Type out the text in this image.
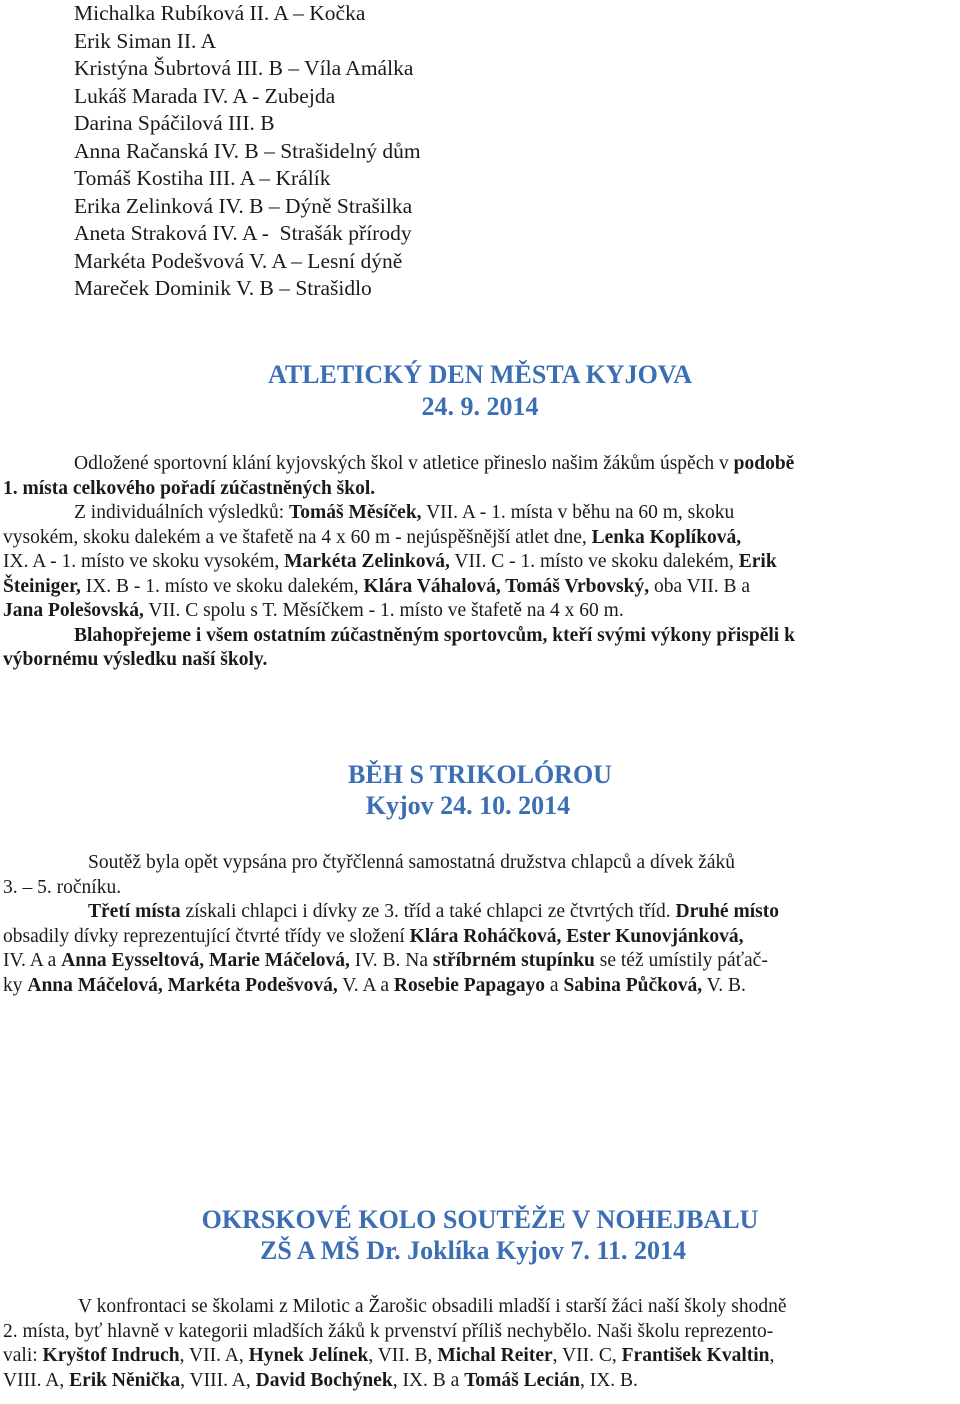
Michalka Rubíková II. A – Kočka
Erik Siman II. A
Kristýna Šubrtová III. B – Víla Amálka
Lukáš Marada IV. A - Zubejda
Darina Spáčilová III. B
Anna Račanská IV. B – Strašidelný dům
Tomáš Kostiha III. A – Králík
Erika Zelinková IV. B – Dýně Strašilka
Aneta Straková IV. A -  Strašák přírody
Markéta Podešvová V. A – Lesní dýně
Mareček Dominik V. B – Strašidlo
ATLETICKÝ DEN MĚSTA KYJOVA
24. 9. 2014
Odložené sportovní klání kyjovských škol v atletice přineslo našim žákům úspěch v podobě
1. místa celkového pořadí zúčastněných škol.
Z individuálních výsledků: Tomáš Měsíček, VII. A - 1. místa v běhu na 60 m, skoku
vysokém, skoku dalekém a ve štafetě na 4 x 60 m - nejúspěšnější atlet dne, Lenka Koplíková,
IX. A - 1. místo ve skoku vysokém, Markéta Zelinková, VII. C - 1. místo ve skoku dalekém, Erik
Šteiniger, IX. B - 1. místo ve skoku dalekém, Klára Váhalová, Tomáš Vrbovský, oba VII. B a
Jana Polešovská, VII. C spolu s T. Měsíčkem - 1. místo ve štafetě na 4 x 60 m.
Blahopřejeme i všem ostatním zúčastněným sportovcům, kteří svými výkony přispěli k
výbornému výsledku naší školy.
BĚH S TRIKOLÓROU
Kyjov 24. 10. 2014
Soutěž byla opět vypsána pro čtyřčlenná samostatná družstva chlapců a dívek žáků
3. – 5. ročníku.
Třetí místa získali chlapci i dívky ze 3. tříd a také chlapci ze čtvrtých tříd. Druhé místo
obsadily dívky reprezentující čtvrté třídy ve složení Klára Roháčková, Ester Kunovjánková,
IV. A a Anna Eysseltová, Marie Máčelová, IV. B. Na stříbrném stupínku se též umístily páťač-
ky Anna Máčelová, Markéta Podešvová, V. A a Rosebie Papagayo a Sabina Půčková, V. B.
OKRSKOVÉ KOLO SOUTĚŽE V NOHEJBALU
ZŠ A MŠ Dr. Joklíka Kyjov 7. 11. 2014
V konfrontaci se školami z Milotic a Žarošic obsadili mladší i starší žáci naší školy shodně
2. místa, byť hlavně v kategorii mladších žáků k prvenství příliš nechybělo. Naši školu reprezento-
vali: Kryštof Indruch, VII. A, Hynek Jelínek, VII. B, Michal Reiter, VII. C, František Kvaltin,
VIII. A, Erik Něnička, VIII. A, David Bochýnek, IX. B a Tomáš Lecián, IX. B.
